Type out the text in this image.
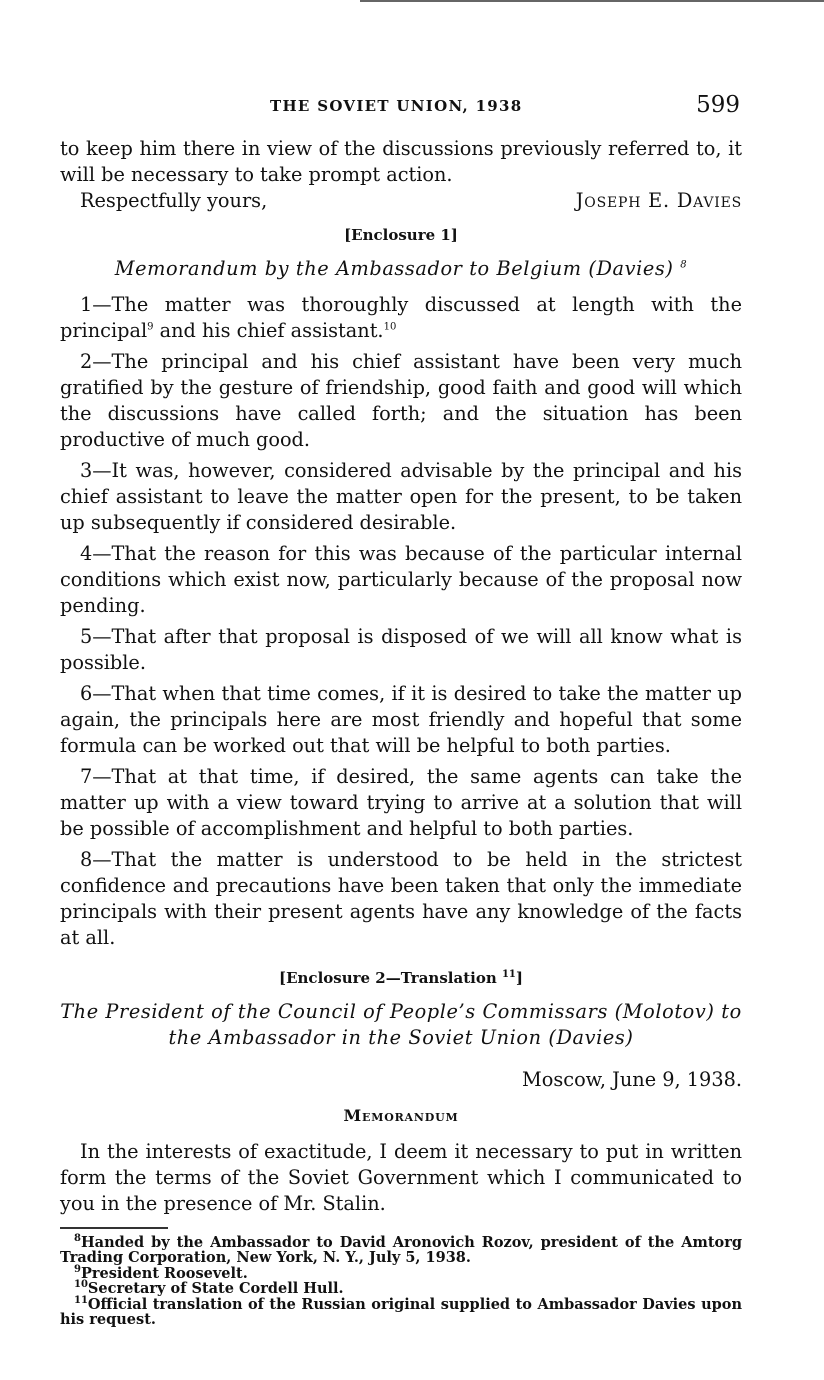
THE SOVIET UNION, 1938	599

to keep him there in view of the discussions previously referred to, it will be necessary to take prompt action.

Respectfully yours,	Joseph E. Davies
[Enclosure 1]
Memorandum by the Ambassador to Belgium (Davies) $^8$

1—The matter was thoroughly discussed at length with the principal$^9$ and his chief assistant.$^{10}$

2—The principal and his chief assistant have been very much gratified by the gesture of friendship, good faith and good will which the discussions have called forth; and the situation has been productive of much good.

3—It was, however, considered advisable by the principal and his chief assistant to leave the matter open for the present, to be taken up subsequently if considered desirable.

4—That the reason for this was because of the particular internal conditions which exist now, particularly because of the proposal now pending.

5—That after that proposal is disposed of we will all know what is possible.

6—That when that time comes, if it is desired to take the matter up again, the principals here are most friendly and hopeful that some formula can be worked out that will be helpful to both parties.

7—That at that time, if desired, the same agents can take the matter up with a view toward trying to arrive at a solution that will be possible of accomplishment and helpful to both parties.

8—That the matter is understood to be held in the strictest confidence and precautions have been taken that only the immediate principals with their present agents have any knowledge of the facts at all.

[Enclosure 2—Translation $^{11}$]
The President of the Council of People’s Commissars (Molotov) to
the Ambassador in the Soviet Union (Davies)
Moscow, June 9, 1938.
Memorandum

In the interests of exactitude, I deem it necessary to put in written form the terms of the Soviet Government which I communicated to you in the presence of Mr. Stalin.

$^8$Handed by the Ambassador to David Aronovich Rozov, president of the Amtorg Trading Corporation, New York, N. Y., July 5, 1938.

$^9$President Roosevelt.

$^{10}$Secretary of State Cordell Hull.

$^{11}$Official translation of the Russian original supplied to Ambassador Davies upon his request.
